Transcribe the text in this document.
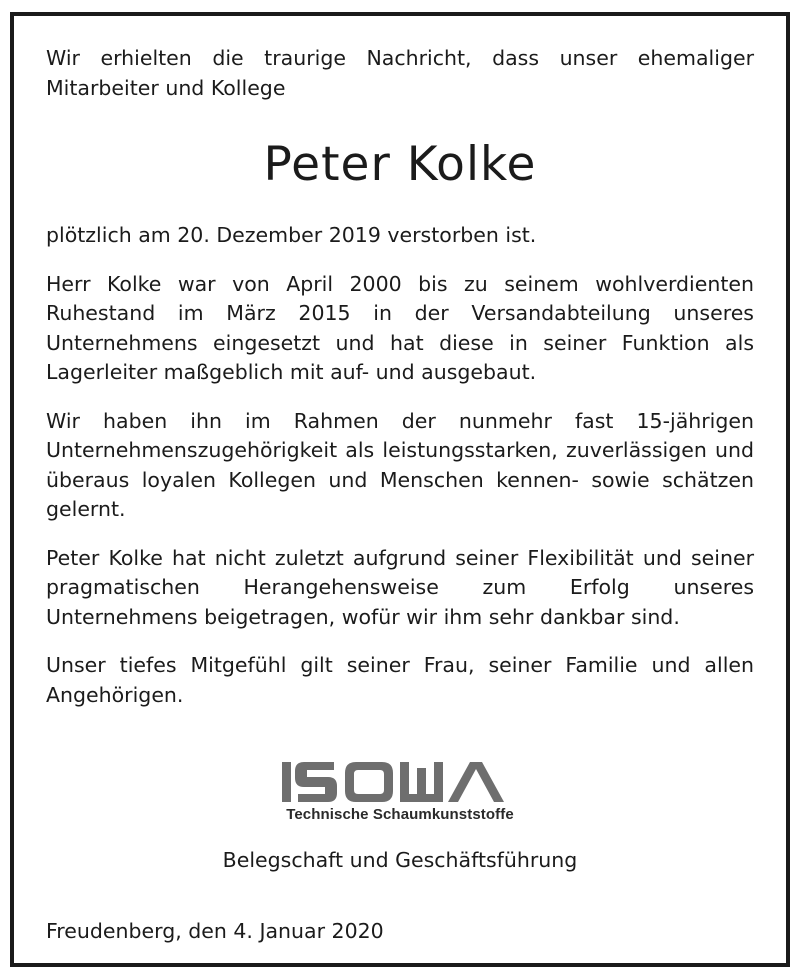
Wir erhielten die traurige Nachricht, dass unser ehemaliger Mitarbeiter und Kollege

Peter Kolke

plötzlich am 20. Dezember 2019 verstorben ist.

Herr Kolke war von April 2000 bis zu seinem wohlverdienten Ruhestand im März 2015 in der Versandabteilung unseres Unternehmens eingesetzt und hat diese in seiner Funktion als Lagerleiter maßgeblich mit auf- und ausgebaut.

Wir haben ihn im Rahmen der nunmehr fast 15-jährigen Unternehmenszugehörigkeit als leistungsstarken, zuverlässigen und überaus loyalen Kollegen und Menschen kennen- sowie schätzen gelernt.

Peter Kolke hat nicht zuletzt aufgrund seiner Flexibilität und seiner pragmatischen Herangehensweise zum Erfolg unseres Unternehmens beigetragen, wofür wir ihm sehr dankbar sind.

Unser tiefes Mitgefühl gilt seiner Frau, seiner Familie und allen Angehörigen.

Technische Schaumkunststoffe
Belegschaft und Geschäftsführung
Freudenberg, den 4. Januar 2020
